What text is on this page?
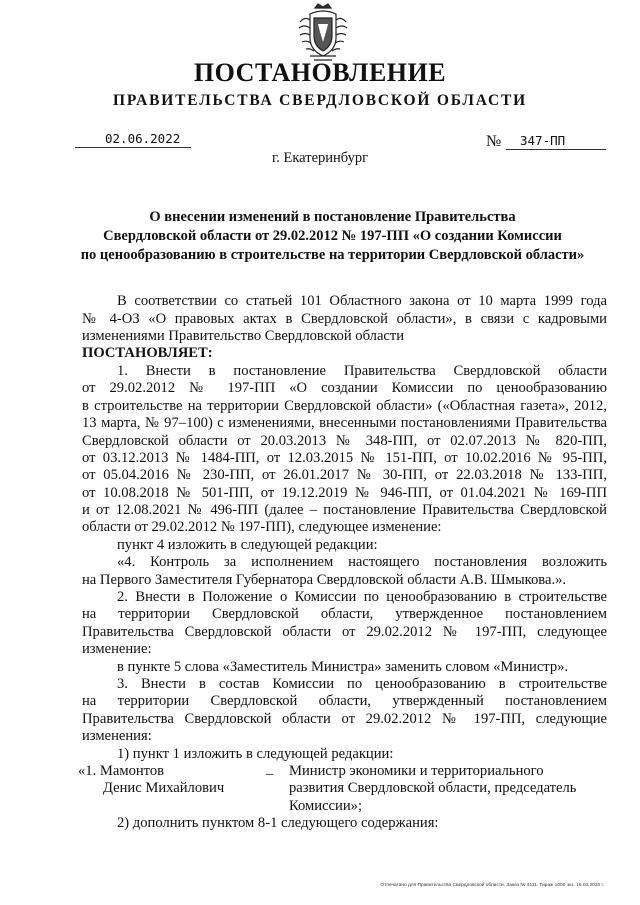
ПОСТАНОВЛЕНИЕ
ПРАВИТЕЛЬСТВА СВЕРДЛОВСКОЙ ОБЛАСТИ
02.06.2022	№	347-ПП
г. Екатеринбург
О внесении изменений в постановление Правительства
Свердловской области от 29.02.2012 № 197-ПП «О создании Комиссии
по ценообразованию в строительстве на территории Свердловской области»
В соответствии со статьей 101 Областного закона от 10 марта 1999 года
№ 4-ОЗ «О правовых актах в Свердловской области», в связи с кадровыми
изменениями Правительство Свердловской области
ПОСТАНОВЛЯЕТ:
1. Внести в постановление Правительства Свердловской области
от 29.02.2012 № 197-ПП «О создании Комиссии по ценообразованию
в строительстве на территории Свердловской области» («Областная газета», 2012,
13 марта, № 97–100) с изменениями, внесенными постановлениями Правительства
Свердловской области от 20.03.2013 № 348-ПП, от 02.07.2013 № 820-ПП,
от 03.12.2013 № 1484-ПП, от 12.03.2015 № 151-ПП, от 10.02.2016 № 95-ПП,
от 05.04.2016 № 230-ПП, от 26.01.2017 № 30-ПП, от 22.03.2018 № 133-ПП,
от 10.08.2018 № 501-ПП, от 19.12.2019 № 946-ПП, от 01.04.2021 № 169-ПП
и от 12.08.2021 № 496-ПП (далее – постановление Правительства Свердловской
области от 29.02.2012 № 197-ПП), следующее изменение:
пункт 4 изложить в следующей редакции:
«4. Контроль за исполнением настоящего постановления возложить
на Первого Заместителя Губернатора Свердловской области А.В. Шмыкова.».
2. Внести в Положение о Комиссии по ценообразованию в строительстве
на территории Свердловской области, утвержденное постановлением
Правительства Свердловской области от 29.02.2012 № 197-ПП, следующее
изменение:
в пункте 5 слова «Заместитель Министра» заменить словом «Министр».
3. Внести в состав Комиссии по ценообразованию в строительстве
на территории Свердловской области, утвержденный постановлением
Правительства Свердловской области от 29.02.2012 № 197-ПП, следующие
изменения:
1) пункт 1 изложить в следующей редакции:
«1. Мамонтов
Денис Михайлович
– Министр экономики и территориального
развития Свердловской области, председатель
Комиссии»;
2) дополнить пунктом 8-1 следующего содержания:
Отпечатано для Правительства Свердловской области. Заказ № 4111. Тираж 1000 экз. 16.03.2020 г.
